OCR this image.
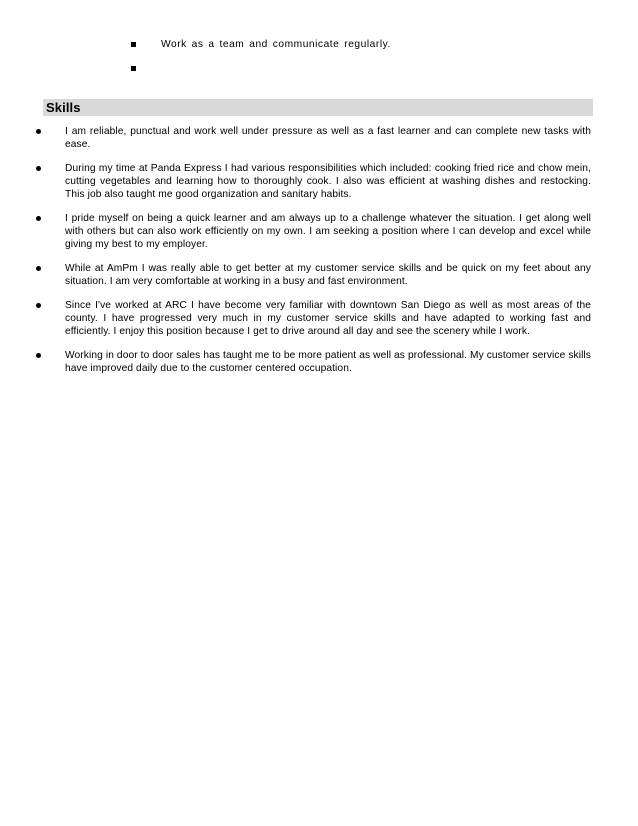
Work as a team and communicate regularly.
Skills
I am reliable, punctual and work well under pressure as well as a fast learner and can complete new tasks with ease.
During my time at Panda Express I had various responsibilities which included: cooking fried rice and chow mein, cutting vegetables and learning how to thoroughly cook. I also was efficient at washing dishes and restocking. This job also taught me good organization and sanitary habits.
I pride myself on being a quick learner and am always up to a challenge whatever the situation. I get along well with others but can also work efficiently on my own. I am seeking a position where I can develop and excel while giving my best to my employer.
While at AmPm I was really able to get better at my customer service skills and be quick on my feet about any situation. I am very comfortable at working in a busy and fast environment.
Since I've worked at ARC I have become very familiar with downtown San Diego as well as most areas of the county. I have progressed very much in my customer service skills and have adapted to working fast and efficiently. I enjoy this position because I get to drive around all day and see the scenery while I work.
Working in door to door sales has taught me to be more patient as well as professional. My customer service skills have improved daily due to the customer centered occupation.
